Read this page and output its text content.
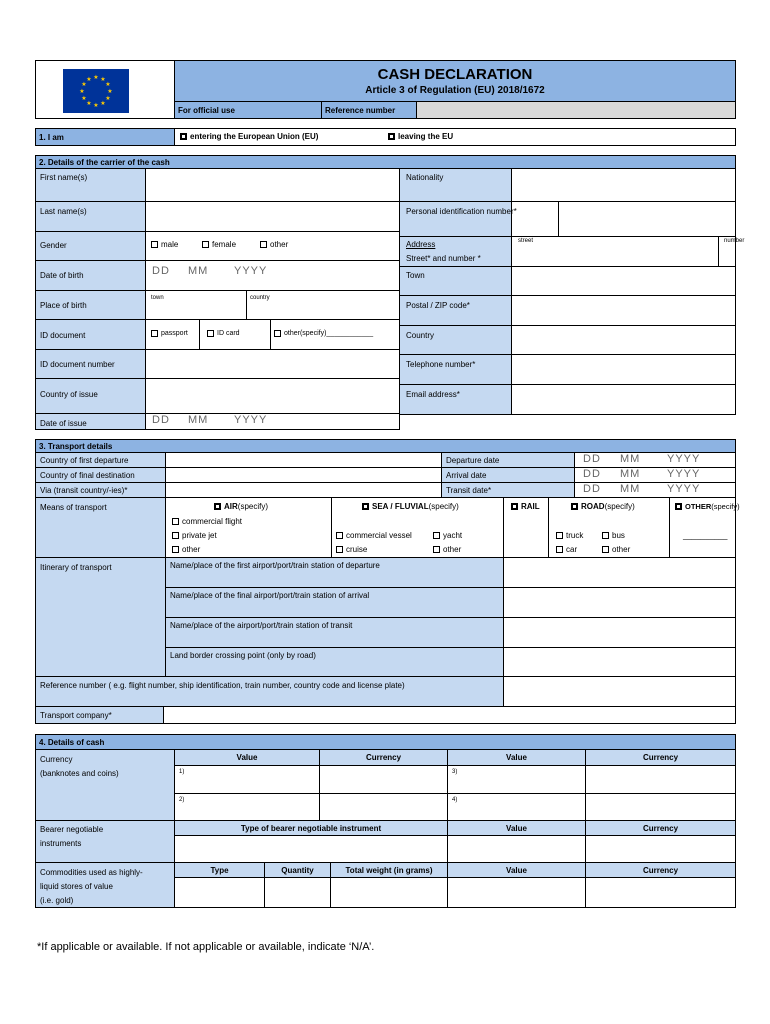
★ ★
★
★
★
★
★
★
★
★
★
★	CASH DECLARATION
Article 3 of Regulation (EU) 2018/1672
For official use	Reference number
1. I am	entering the European Union (EU)	leaving the EU
2. Details of the carrier of the cash
First name(s)
Last name(s)
Gender	male	female	other
Date of birth	DD MM YYYY
Place of birth
town	country
ID document	passport	ID card	other(specify)____________
ID document number
Country of issue
Date of issue	DD MM YYYY
Nationality
Personal identification number*
Address
Street* and number *
street	number
Town
Postal / ZIP code*
Country
Telephone number*
Email address*
3. Transport details
Country of first departure
Country of final destination
Via (transit country/-ies)*
Departure date	DD MM YYYY
Arrival date	DD MM YYYY
Transit date*	DD MM YYYY
Means of transport	AIR (specify)
commercial flight
private jet
other
SEA / FLUVIAL (specify)
commercial vessel	yacht
cruise	other
RAIL	ROAD (specify)
truck	bus
car	other
OTHER (specify)
__________
Itinerary of transport	Name/place of the first airport/port/train station of departure
Name/place of the final airport/port/train station of arrival
Name/place of the airport/port/train station of transit
Land border crossing point (only by road)
Reference number ( e.g. flight number, ship identification, train number, country code and license plate)
Transport company*
4. Details of cash
Currency
(banknotes and coins)
Value	Currency	Value	Currency
1)	3)
2)	4)
Bearer negotiable
instruments
Type of bearer negotiable instrument	Value	Currency
Commodities used as highly-
liquid stores of value
(i.e. gold)
Type	Quantity	Total weight (in grams)	Value	Currency
*If applicable or available. If not applicable or available, indicate ‘N/A’.
